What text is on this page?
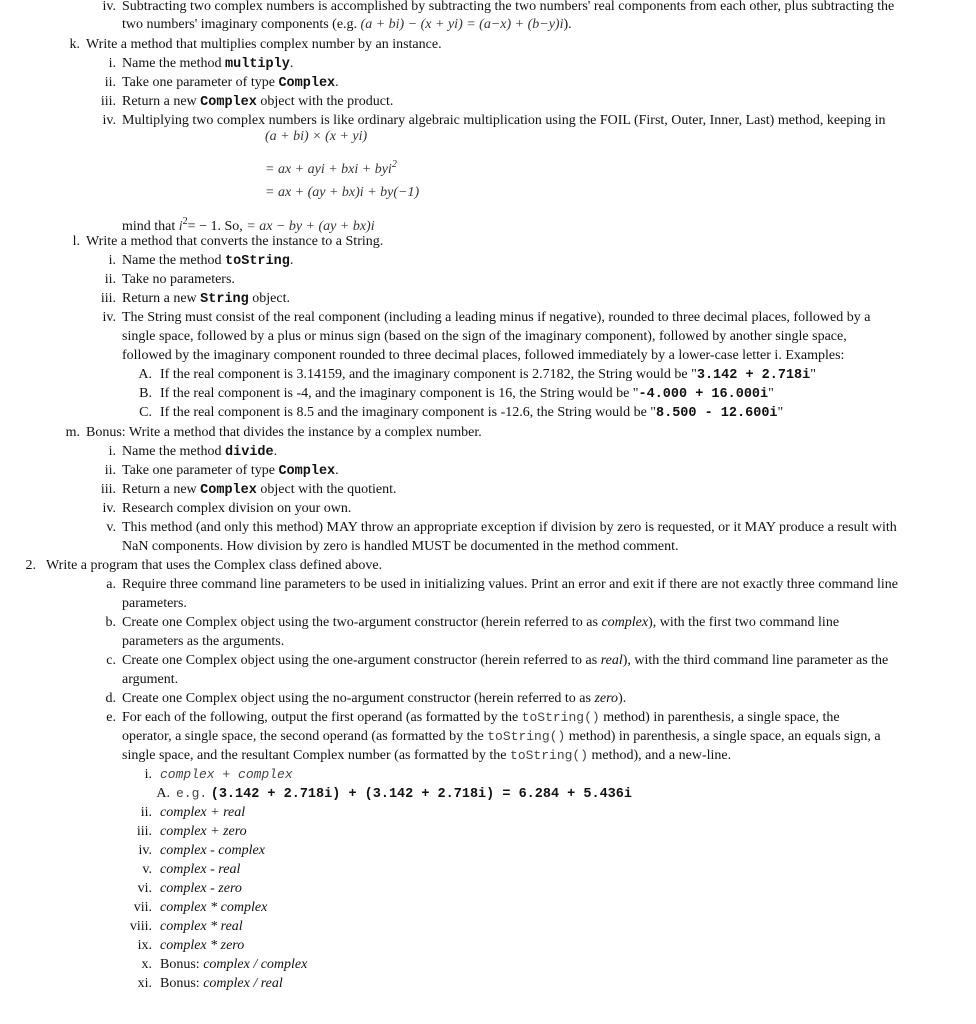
iv. Subtracting two complex numbers is accomplished by subtracting the two numbers' real components from each other, plus subtracting the
two numbers' imaginary components (e.g. (a + bi) − (x + yi) = (a−x) + (b−y)i).
k. Write a method that multiplies complex number by an instance.
i. Name the method multiply.
ii. Take one parameter of type Complex.
iii. Return a new Complex object with the product.
iv. Multiplying two complex numbers is like ordinary algebraic multiplication using the FOIL (First, Outer, Inner, Last) method, keeping in
(a + bi) × (x + yi)
= ax + ayi + bxi + byi$^2$
= ax + (ay + bx)i + by(−1)
mind that $i^2= - 1$. So, = ax − by + (ay + bx)i
l. Write a method that converts the instance to a String.
i. Name the method toString.
ii. Take no parameters.
iii. Return a new String object.
iv. The String must consist of the real component (including a leading minus if negative), rounded to three decimal places, followed by a
single space, followed by a plus or minus sign (based on the sign of the imaginary component), followed by another single space,
followed by the imaginary component rounded to three decimal places, followed immediately by a lower-case letter i. Examples:
A. If the real component is 3.14159, and the imaginary component is 2.7182, the String would be "3.142 + 2.718i"
B. If the real component is -4, and the imaginary component is 16, the String would be "-4.000 + 16.000i"
C. If the real component is 8.5 and the imaginary component is -12.6, the String would be "8.500 - 12.600i"
m. Bonus: Write a method that divides the instance by a complex number.
i. Name the method divide.
ii. Take one parameter of type Complex.
iii. Return a new Complex object with the quotient.
iv. Research complex division on your own.
v. This method (and only this method) MAY throw an appropriate exception if division by zero is requested, or it MAY produce a result with
NaN components. How division by zero is handled MUST be documented in the method comment.
2. Write a program that uses the Complex class defined above.
a. Require three command line parameters to be used in initializing values. Print an error and exit if there are not exactly three command line
parameters.
b. Create one Complex object using the two-argument constructor (herein referred to as complex), with the first two command line
parameters as the arguments.
c. Create one Complex object using the one-argument constructor (herein referred to as real), with the third command line parameter as the
argument.
d. Create one Complex object using the no-argument constructor (herein referred to as zero).
e. For each of the following, output the first operand (as formatted by the toString() method) in parenthesis, a single space, the
operator, a single space, the second operand (as formatted by the toString() method) in parenthesis, a single space, an equals sign, a
single space, and the resultant Complex number (as formatted by the toString() method), and a new-line.
i. complex + complex
A. e.g. (3.142 + 2.718i) + (3.142 + 2.718i) = 6.284 + 5.436i
ii. complex + real
iii. complex + zero
iv. complex - complex
v. complex - real
vi. complex - zero
vii. complex * complex
viii. complex * real
ix. complex * zero
x. Bonus: complex / complex
xi. Bonus: complex / real
